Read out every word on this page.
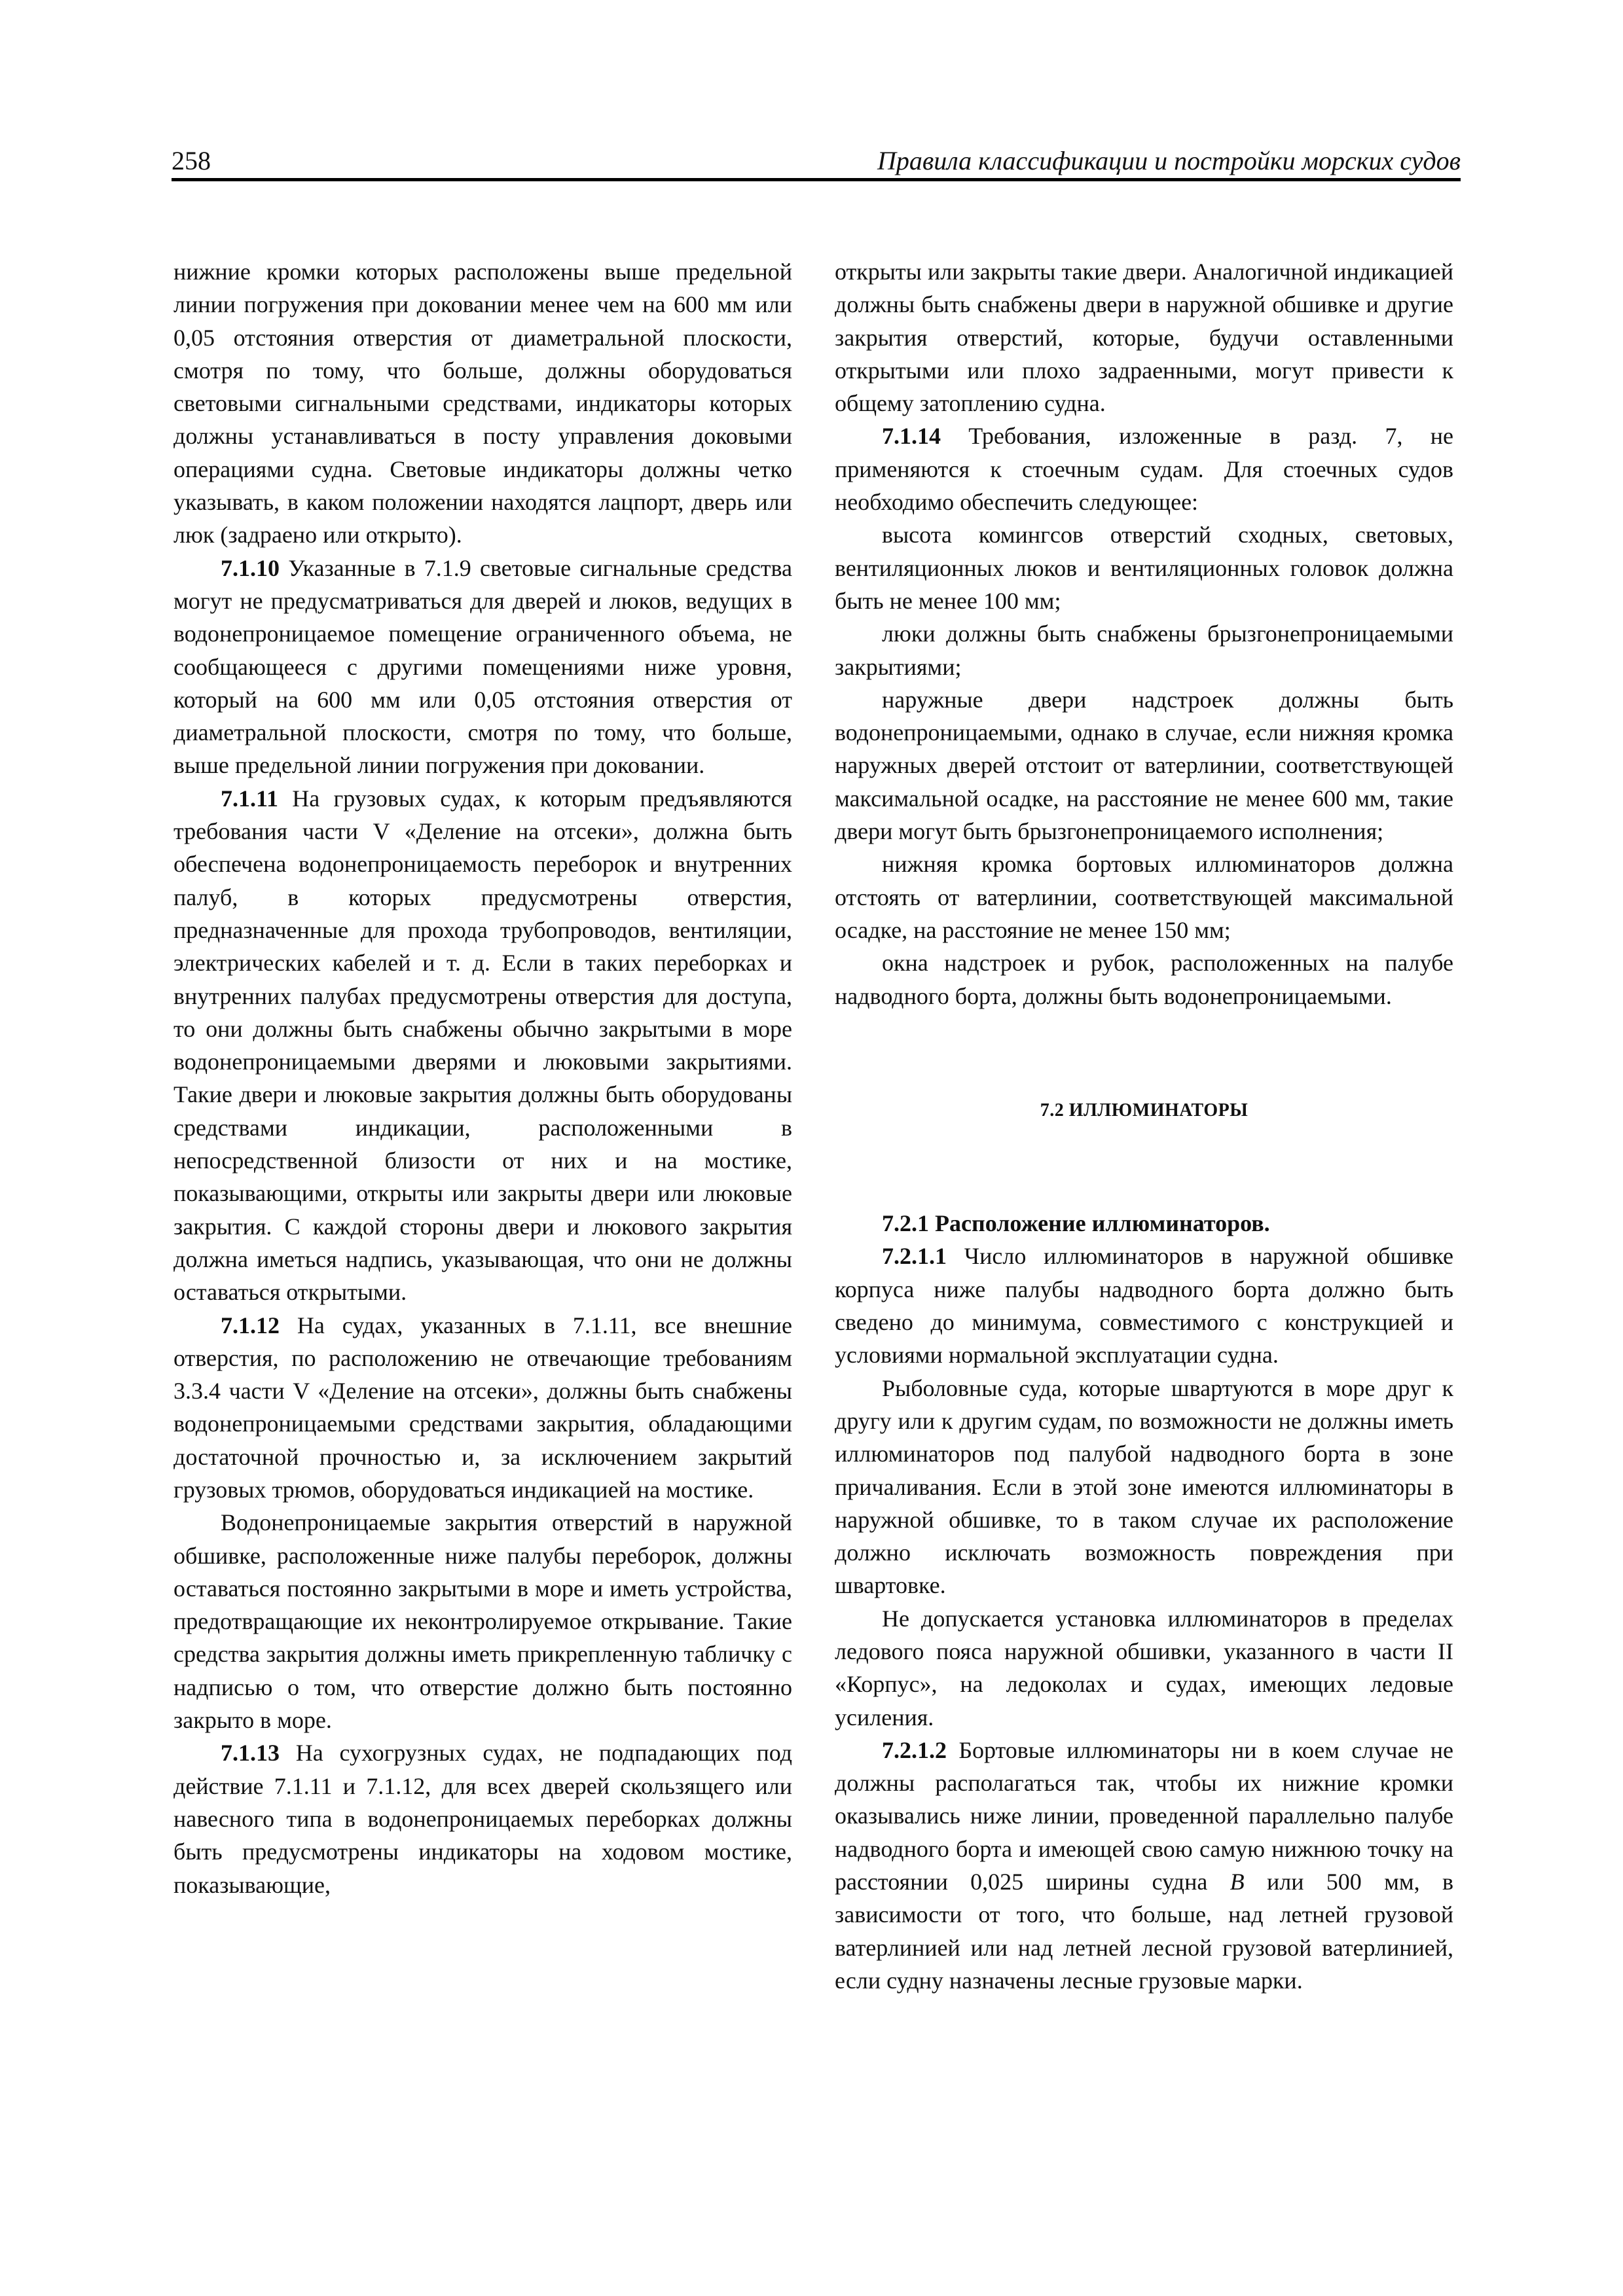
258	Правила классификации и постройки морских судов

нижние кромки которых расположены выше предельной линии погружения при доковании менее чем на 600 мм или 0,05 отстояния отверстия от диаметральной плоскости, смотря по тому, что больше, должны оборудоваться световыми сигнальными средствами, индикаторы которых должны устанавливаться в посту управления доковыми операциями судна. Световые индикаторы должны четко указывать, в каком положении находятся лацпорт, дверь или люк (задраено или открыто).

7.1.10 Указанные в 7.1.9 световые сигнальные средства могут не предусматриваться для дверей и люков, ведущих в водонепроницаемое помещение ограниченного объема, не сообщающееся с другими помещениями ниже уровня, который на 600 мм или 0,05 отстояния отверстия от диаметральной плоскости, смотря по тому, что больше, выше предельной линии погружения при доковании.

7.1.11 На грузовых судах, к которым предъявляются требования части V «Деление на отсеки», должна быть обеспечена водонепроницаемость переборок и внутренних палуб, в которых предусмотрены отверстия, предназначенные для прохода трубопроводов, вентиляции, электрических кабелей и т. д. Если в таких переборках и внутренних палубах предусмотрены отверстия для доступа, то они должны быть снабжены обычно закрытыми в море водонепроницаемыми дверями и люковыми закрытиями. Такие двери и люковые закрытия должны быть оборудованы средствами индикации, расположенными в непосредственной близости от них и на мостике, показывающими, открыты или закрыты двери или люковые закрытия. С каждой стороны двери и люкового закрытия должна иметься надпись, указывающая, что они не должны оставаться открытыми.

7.1.12 На судах, указанных в 7.1.11, все внешние отверстия, по расположению не отвечающие требованиям 3.3.4 части V «Деление на отсеки», должны быть снабжены водонепроницаемыми средствами закрытия, обладающими достаточной прочностью и, за исключением закрытий грузовых трюмов, оборудоваться индикацией на мостике.

Водонепроницаемые закрытия отверстий в наружной обшивке, расположенные ниже палубы переборок, должны оставаться постоянно закрытыми в море и иметь устройства, предотвращающие их неконтролируемое открывание. Такие средства закрытия должны иметь прикрепленную табличку с надписью о том, что отверстие должно быть постоянно закрыто в море.

7.1.13 На сухогрузных судах, не подпадающих под действие 7.1.11 и 7.1.12, для всех дверей скользящего или навесного типа в водонепроницаемых переборках должны быть предусмотрены индикаторы на ходовом мостике, показывающие,

открыты или закрыты такие двери. Аналогичной индикацией должны быть снабжены двери в наружной обшивке и другие закрытия отверстий, которые, будучи оставленными открытыми или плохо задраенными, могут привести к общему затоплению судна.

7.1.14 Требования, изложенные в разд. 7, не применяются к стоечным судам. Для стоечных судов необходимо обеспечить следующее:

высота комингсов отверстий сходных, световых, вентиляционных люков и вентиляционных головок должна быть не менее 100 мм;

люки должны быть снабжены брызгонепроницаемыми закрытиями;

наружные двери надстроек должны быть водонепроницаемыми, однако в случае, если нижняя кромка наружных дверей отстоит от ватерлинии, соответствующей максимальной осадке, на расстояние не менее 600 мм, такие двери могут быть брызгонепроницаемого исполнения;

нижняя кромка бортовых иллюминаторов должна отстоять от ватерлинии, соответствующей максимальной осадке, на расстояние не менее 150 мм;

окна надстроек и рубок, расположенных на палубе надводного борта, должны быть водонепроницаемыми.

7.2 ИЛЛЮМИНАТОРЫ

7.2.1 Расположение иллюминаторов.

7.2.1.1 Число иллюминаторов в наружной обшивке корпуса ниже палубы надводного борта должно быть сведено до минимума, совместимого с конструкцией и условиями нормальной эксплуатации судна.

Рыболовные суда, которые швартуются в море друг к другу или к другим судам, по возможности не должны иметь иллюминаторов под палубой надводного борта в зоне причаливания. Если в этой зоне имеются иллюминаторы в наружной обшивке, то в таком случае их расположение должно исключать возможность повреждения при швартовке.

Не допускается установка иллюминаторов в пределах ледового пояса наружной обшивки, указанного в части II «Корпус», на ледоколах и судах, имеющих ледовые усиления.

7.2.1.2 Бортовые иллюминаторы ни в коем случае не должны располагаться так, чтобы их нижние кромки оказывались ниже линии, проведенной параллельно палубе надводного борта и имеющей свою самую нижнюю точку на расстоянии 0,025 ширины судна B или 500 мм, в зависимости от того, что больше, над летней грузовой ватерлинией или над летней лесной грузовой ватерлинией, если судну назначены лесные грузовые марки.
